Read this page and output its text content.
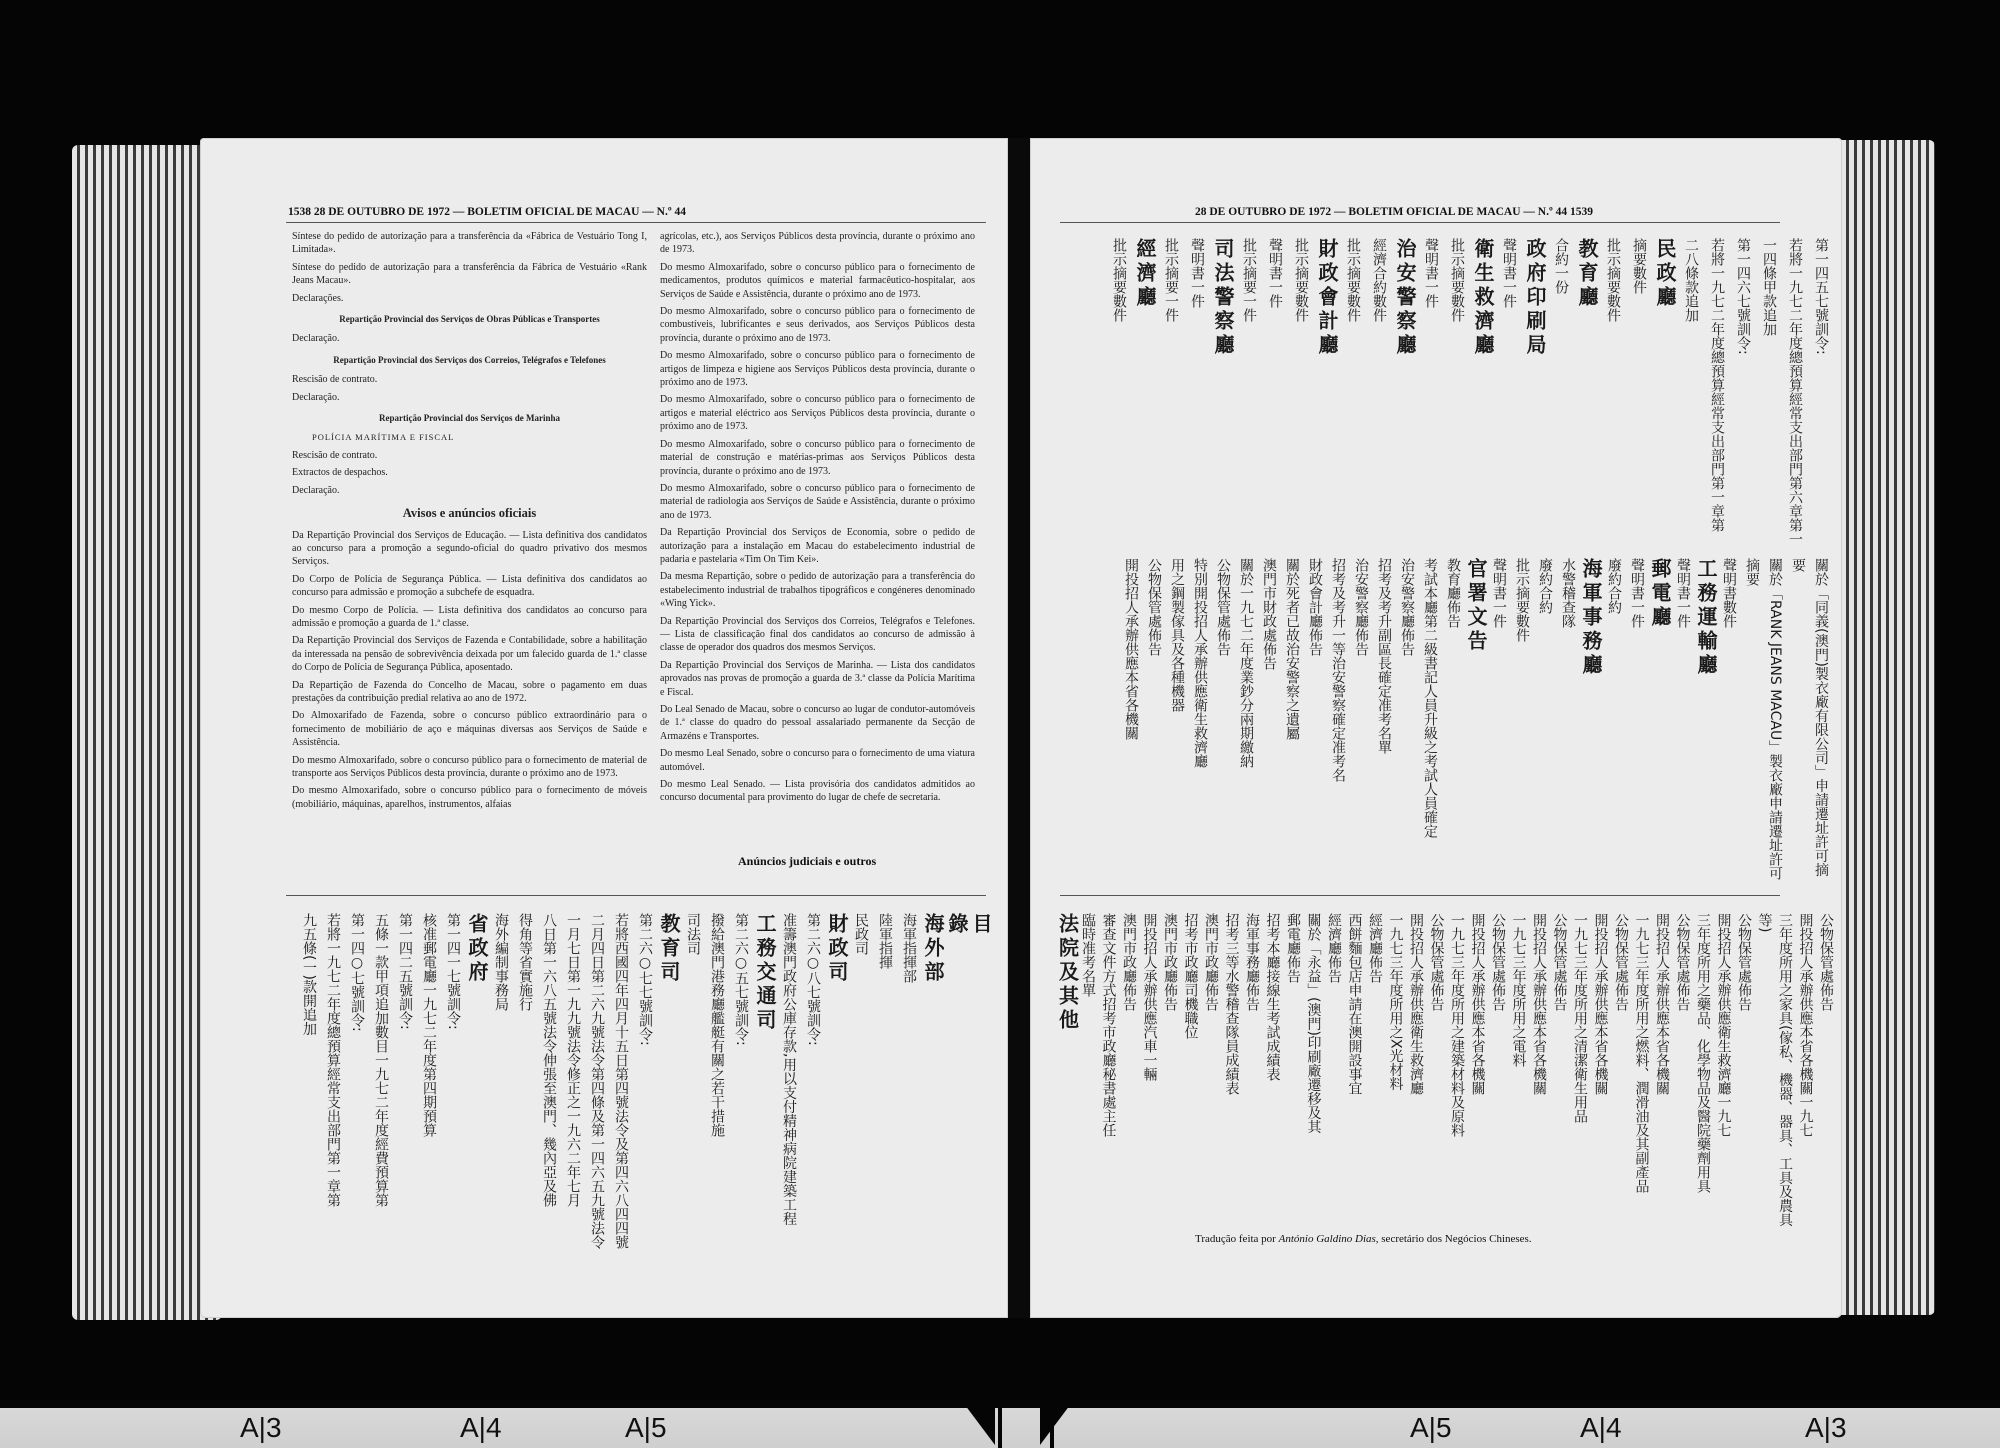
1538 28 DE OUTUBRO DE 1972 — BOLETIM OFICIAL DE MACAU — N.º 44

Síntese do pedido de autorização para a transferência da «Fábrica de Vestuário Tong I, Limitada».

Síntese do pedido de autorização para a transferência da Fábrica de Vestuário «Rank Jeans Macau».

Declarações.

Repartição Provincial dos Serviços de Obras Públicas e Transportes

Declaração.

Repartição Provincial dos Serviços dos Correios, Telégrafos e Telefones

Rescisão de contrato.

Declaração.

Repartição Provincial dos Serviços de Marinha

POLÍCIA MARÍTIMA E FISCAL

Rescisão de contrato.

Extractos de despachos.

Declaração.

Avisos e anúncios oficiais

Da Repartição Provincial dos Serviços de Educação. — Lista definitiva dos candidatos ao concurso para a promoção a segundo-oficial do quadro privativo dos mesmos Serviços.

Do Corpo de Polícia de Segurança Pública. — Lista definitiva dos candidatos ao concurso para admissão e promoção a subchefe de esquadra.

Do mesmo Corpo de Polícia. — Lista definitiva dos candidatos ao concurso para admissão e promoção a guarda de 1.ª classe.

Da Repartição Provincial dos Serviços de Fazenda e Contabilidade, sobre a habilitação da interessada na pensão de sobrevivência deixada por um falecido guarda de 1.ª classe do Corpo de Polícia de Segurança Pública, aposentado.

Da Repartição de Fazenda do Concelho de Macau, sobre o pagamento em duas prestações da contribuição predial relativa ao ano de 1972.

Do Almoxarifado de Fazenda, sobre o concurso público extraordinário para o fornecimento de mobiliário de aço e máquinas diversas aos Serviços de Saúde e Assistência.

Do mesmo Almoxarifado, sobre o concurso público para o fornecimento de material de transporte aos Serviços Públicos desta província, durante o próximo ano de 1973.

Do mesmo Almoxarifado, sobre o concurso público para o fornecimento de móveis (mobiliário, máquinas, aparelhos, instrumentos, alfaias

agrícolas, etc.), aos Serviços Públicos desta província, durante o próximo ano de 1973.

Do mesmo Almoxarifado, sobre o concurso público para o fornecimento de medicamentos, produtos químicos e material farmacêutico-hospitalar, aos Serviços de Saúde e Assistência, durante o próximo ano de 1973.

Do mesmo Almoxarifado, sobre o concurso público para o fornecimento de combustíveis, lubrificantes e seus derivados, aos Serviços Públicos desta província, durante o próximo ano de 1973.

Do mesmo Almoxarifado, sobre o concurso público para o fornecimento de artigos de limpeza e higiene aos Serviços Públicos desta província, durante o próximo ano de 1973.

Do mesmo Almoxarifado, sobre o concurso público para o fornecimento de artigos e material eléctrico aos Serviços Públicos desta província, durante o próximo ano de 1973.

Do mesmo Almoxarifado, sobre o concurso público para o fornecimento de material de construção e matérias-primas aos Serviços Públicos desta província, durante o próximo ano de 1973.

Do mesmo Almoxarifado, sobre o concurso público para o fornecimento de material de radiologia aos Serviços de Saúde e Assistência, durante o próximo ano de 1973.

Da Repartição Provincial dos Serviços de Economia, sobre o pedido de autorização para a instalação em Macau do estabelecimento industrial de padaria e pastelaria «Tim On Tim Kei».

Da mesma Repartição, sobre o pedido de autorização para a transferência do estabelecimento industrial de trabalhos tipográficos e congéneres denominado «Wing Yick».

Da Repartição Provincial dos Serviços dos Correios, Telégrafos e Telefones. — Lista de classificação final dos candidatos ao concurso de admissão à classe de operador dos quadros dos mesmos Serviços.

Da Repartição Provincial dos Serviços de Marinha. — Lista dos candidatos aprovados nas provas de promoção a guarda de 3.ª classe da Polícia Marítima e Fiscal.

Do Leal Senado de Macau, sobre o concurso ao lugar de condutor-automóveis de 1.ª classe do quadro do pessoal assalariado permanente da Secção de Armazéns e Transportes.

Do mesmo Leal Senado, sobre o concurso para o fornecimento de uma viatura automóvel.

Do mesmo Leal Senado. — Lista provisória dos candidatos admitidos ao concurso documental para provimento do lugar de chefe de secretaria.

Anúncios judiciais e outros
目
錄
海外部
海軍指揮部
陸軍指揮
民政司
財政司
第二六○八七號訓令:
准籌澳門政府公庫存款,用以支付精神病院建築工程
工務交通司
第二六○五七號訓令:
撥給澳門港務廳艦艇有關之若干措施
司法司
教育司
第二六○七七號訓令:
若將西國四年四月十五日第四號法令及第四六八四四號
二月四日第二六九號法令第四條及第一四六五九號法令
一月七日第一九九號法令修正之一九六二年七月
八日第一六八五號法令伸張至澳門、幾內亞及佛
得角等省實施行
海外編制事務局
省政府
第一四一七號訓令:
核准郵電廳一九七二年度第四期預算
第一四二五號訓令:
五條一款甲項追加數目一九七二年度經費預算第
第一四○七號訓令:
若將一九七二年度總預算經常支出部門第一章第
九五條(一)款開追加
28 DE OUTUBRO DE 1972 — BOLETIM OFICIAL DE MACAU — N.º 44 1539
第一四五七號訓令:
若將一九七二年度總預算經常支出部門第六章第一
一四條甲款追加
第一四六七號訓令:
若將一九七二年度總預算經常支出部門第一章第
二八條款追加
民政廳
摘要數件
批示摘要數件
教育廳
合約一份
政府印刷局
聲明書一件
衛生救濟廳
批示摘要數件
聲明書一件
治安警察廳
經濟合約數件
批示摘要數件
財政會計廳
批示摘要數件
聲明書一件
批示摘要一件
司法警察廳
聲明書一件
批示摘要一件
經濟廳
批示摘要數件
關於「同義(澳門)製衣廠有限公司」申請遷址許可摘
要
關於「RANK JEANS MACAU」製衣廠申請遷址許可
摘要
聲明書數件
工務運輸廳
聲明書一件
郵電廳
聲明書一件
廢約合約
海軍事務廳
水警稽查隊
廢約合約
批示摘要數件
聲明書一件
官署文告
教育廳佈告
考試本廳第二級書記人員升級之考試人員確定
治安警察廳佈告
招考及考升副區長確定准考名單
治安警察廳佈告
招考及考升一等治安警察確定准考名
財政會計廳佈告
關於死者已故治安警察之遺屬
澳門市財政處佈告
關於一九七二年度業鈔分兩期繳納
公物保管處佈告
特別開投招人承辦供應衛生救濟廳
用之鋼製傢具及各種機器
公物保管處佈告
開投招人承辦供應本省各機關
公物保管處佈告
開投招人承辦供應本省各機關一九七
三年度所用之家具(傢私、機器、器具、工具及農具
等)
公物保管處佈告
開投招人承辦供應衛生救濟廳一九七
三年度所用之藥品、化學物品及醫院藥劑用具
公物保管處佈告
開投招人承辦供應本省各機關
一九七三年度所用之燃料、潤滑油及其副產品
公物保管處佈告
開投招人承辦供應本省各機關
一九七三年度所用之清潔衛生用品
公物保管處佈告
開投招人承辦供應本省各機關
一九七三年度所用之電料
公物保管處佈告
開投招人承辦供應本省各機關
一九七三年度所用之建築材料及原料
公物保管處佈告
開投招人承辦供應衛生救濟廳
一九七三年度所用之X光材料
經濟廳佈告
西餅麵包店申請在澳開設事宜
經濟廳佈告
關於「永益」(澳門)印刷廠遷移及其
郵電廳佈告
招考本廳接線生考試成績表
海軍事務廳佈告
招考三等水警稽查隊員成績表
澳門市政廳佈告
招考市政廳司機職位
澳門市政廳佈告
開投招人承辦供應汽車一輛
澳門市政廳佈告
審查文件方式招考市政廳秘書處主任
臨時准考名單
法院及其他
Tradução feita por António Galdino Dias, secretário dos Negócios Chineses.
A|3	A|4	A|5	A|5	A|4	A|3
